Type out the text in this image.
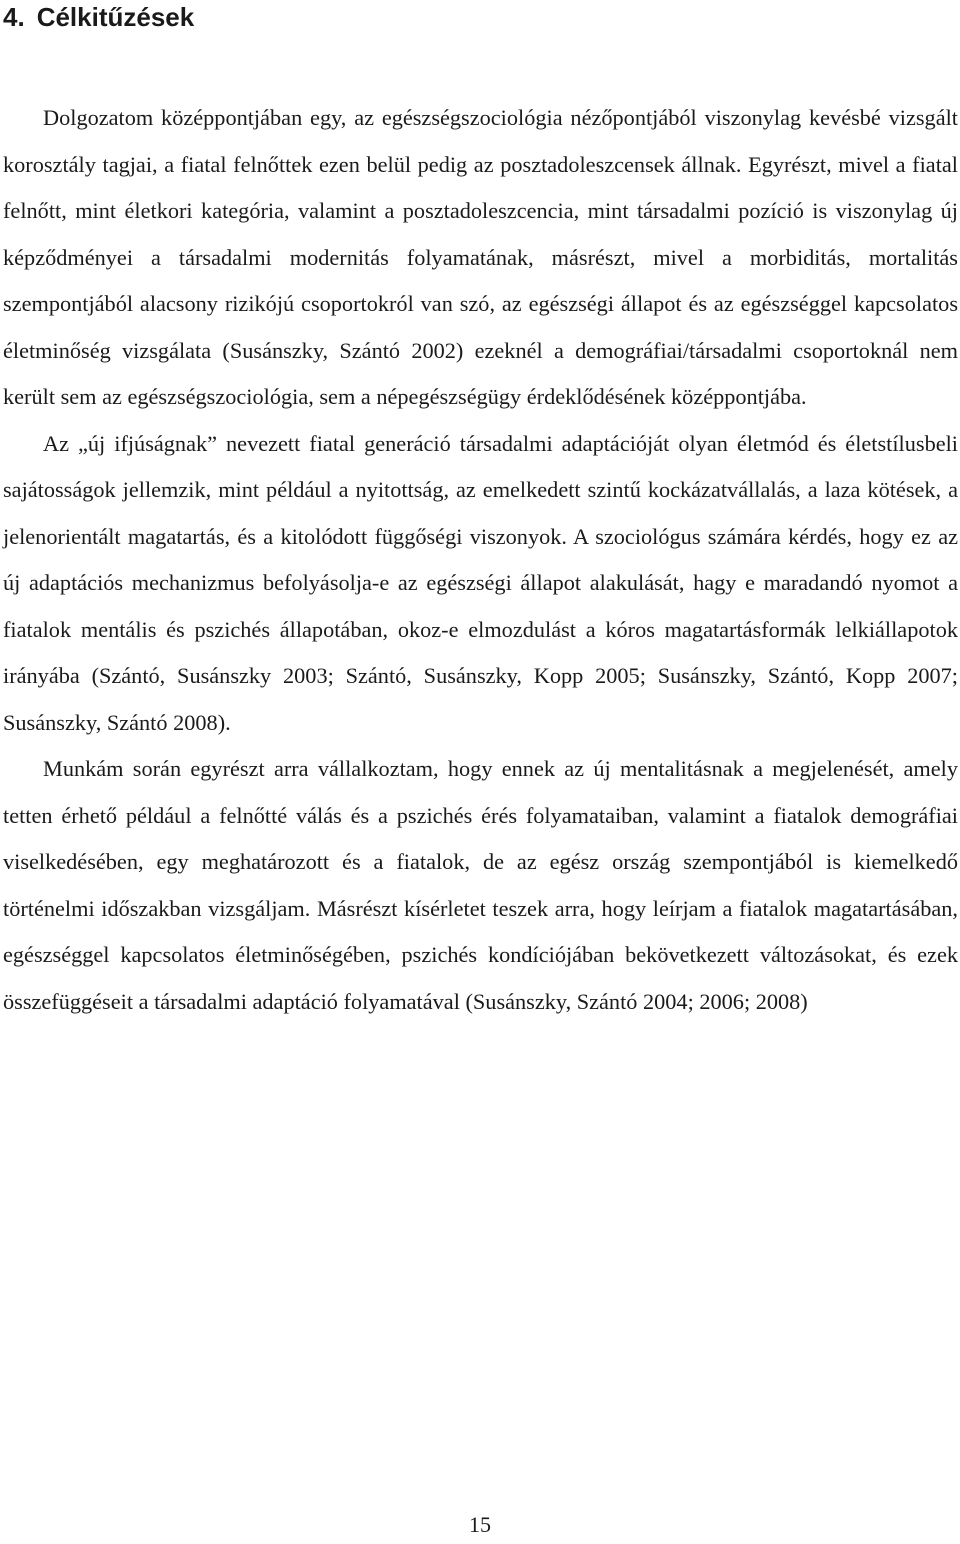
4. Célkitűzések

Dolgozatom középpontjában egy, az egészségszociológia nézőpontjából viszonylag kevésbé vizsgált korosztály tagjai, a fiatal felnőttek ezen belül pedig az posztadoleszcensek állnak. Egyrészt, mivel a fiatal felnőtt, mint életkori kategória, valamint a posztadoleszcencia, mint társadalmi pozíció is viszonylag új képződményei a társadalmi modernitás folyamatának, másrészt, mivel a morbiditás, mortalitás szempontjából alacsony rizikójú csoportokról van szó, az egészségi állapot és az egészséggel kapcsolatos életminőség vizsgálata (Susánszky, Szántó 2002) ezeknél a demográfiai/társadalmi csoportoknál nem került sem az egészségszociológia, sem a népegészségügy érdeklődésének középpontjába.

Az „új ifjúságnak” nevezett fiatal generáció társadalmi adaptációját olyan életmód és életstílusbeli sajátosságok jellemzik, mint például a nyitottság, az emelkedett szintű kockázatvállalás, a laza kötések, a jelenorientált magatartás, és a kitolódott függőségi viszonyok. A szociológus számára kérdés, hogy ez az új adaptációs mechanizmus befolyásolja-e az egészségi állapot alakulását, hagy e maradandó nyomot a fiatalok mentális és pszichés állapotában, okoz-e elmozdulást a kóros magatartásformák lelkiállapotok irányába (Szántó, Susánszky 2003; Szántó, Susánszky, Kopp 2005; Susánszky, Szántó, Kopp 2007; Susánszky, Szántó 2008).

Munkám során egyrészt arra vállalkoztam, hogy ennek az új mentalitásnak a megjelenését, amely tetten érhető például a felnőtté válás és a pszichés érés folyamataiban, valamint a fiatalok demográfiai viselkedésében, egy meghatározott és a fiatalok, de az egész ország szempontjából is kiemelkedő történelmi időszakban vizsgáljam. Másrészt kísérletet teszek arra, hogy leírjam a fiatalok magatartásában, egészséggel kapcsolatos életminőségében, pszichés kondíciójában bekövetkezett változásokat, és ezek összefüggéseit a társadalmi adaptáció folyamatával (Susánszky, Szántó 2004; 2006; 2008)

15
